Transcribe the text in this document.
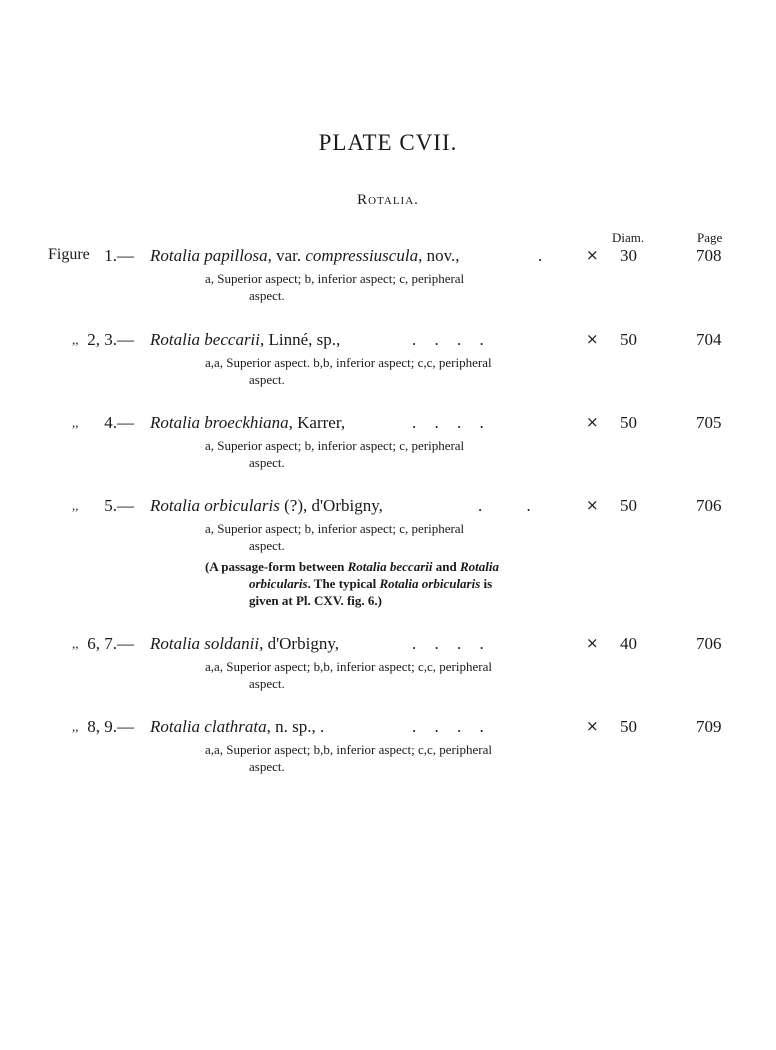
PLATE CVII.
Rotalia.
Diam.	Page
Figure 1.— Rotalia papillosa, var. compressiuscula, nov.,	.	× 30	708
a, Superior aspect; b, inferior aspect; c, peripheral
aspect.
,, 2, 3.— Rotalia beccarii, Linné, sp.,	. . . .	× 50	704
a,a, Superior aspect. b,b, inferior aspect; c,c, peripheral
aspect.
,, 4.— Rotalia broeckhiana, Karrer,	. . . .	× 50	705
a, Superior aspect; b, inferior aspect; c, peripheral
aspect.
,, 5.— Rotalia orbicularis (?), d'Orbigny,	. .	× 50	706
a, Superior aspect; b, inferior aspect; c, peripheral
aspect.
(A passage-form between Rotalia beccarii and Rotalia
orbicularis. The typical Rotalia orbicularis is
given at Pl. CXV. fig. 6.)
,, 6, 7.— Rotalia soldanii, d'Orbigny,	. . . .	× 40	706
a,a, Superior aspect; b,b, inferior aspect; c,c, peripheral
aspect.
,, 8, 9.— Rotalia clathrata, n. sp., .	. . . .	× 50	709
a,a, Superior aspect; b,b, inferior aspect; c,c, peripheral
aspect.
